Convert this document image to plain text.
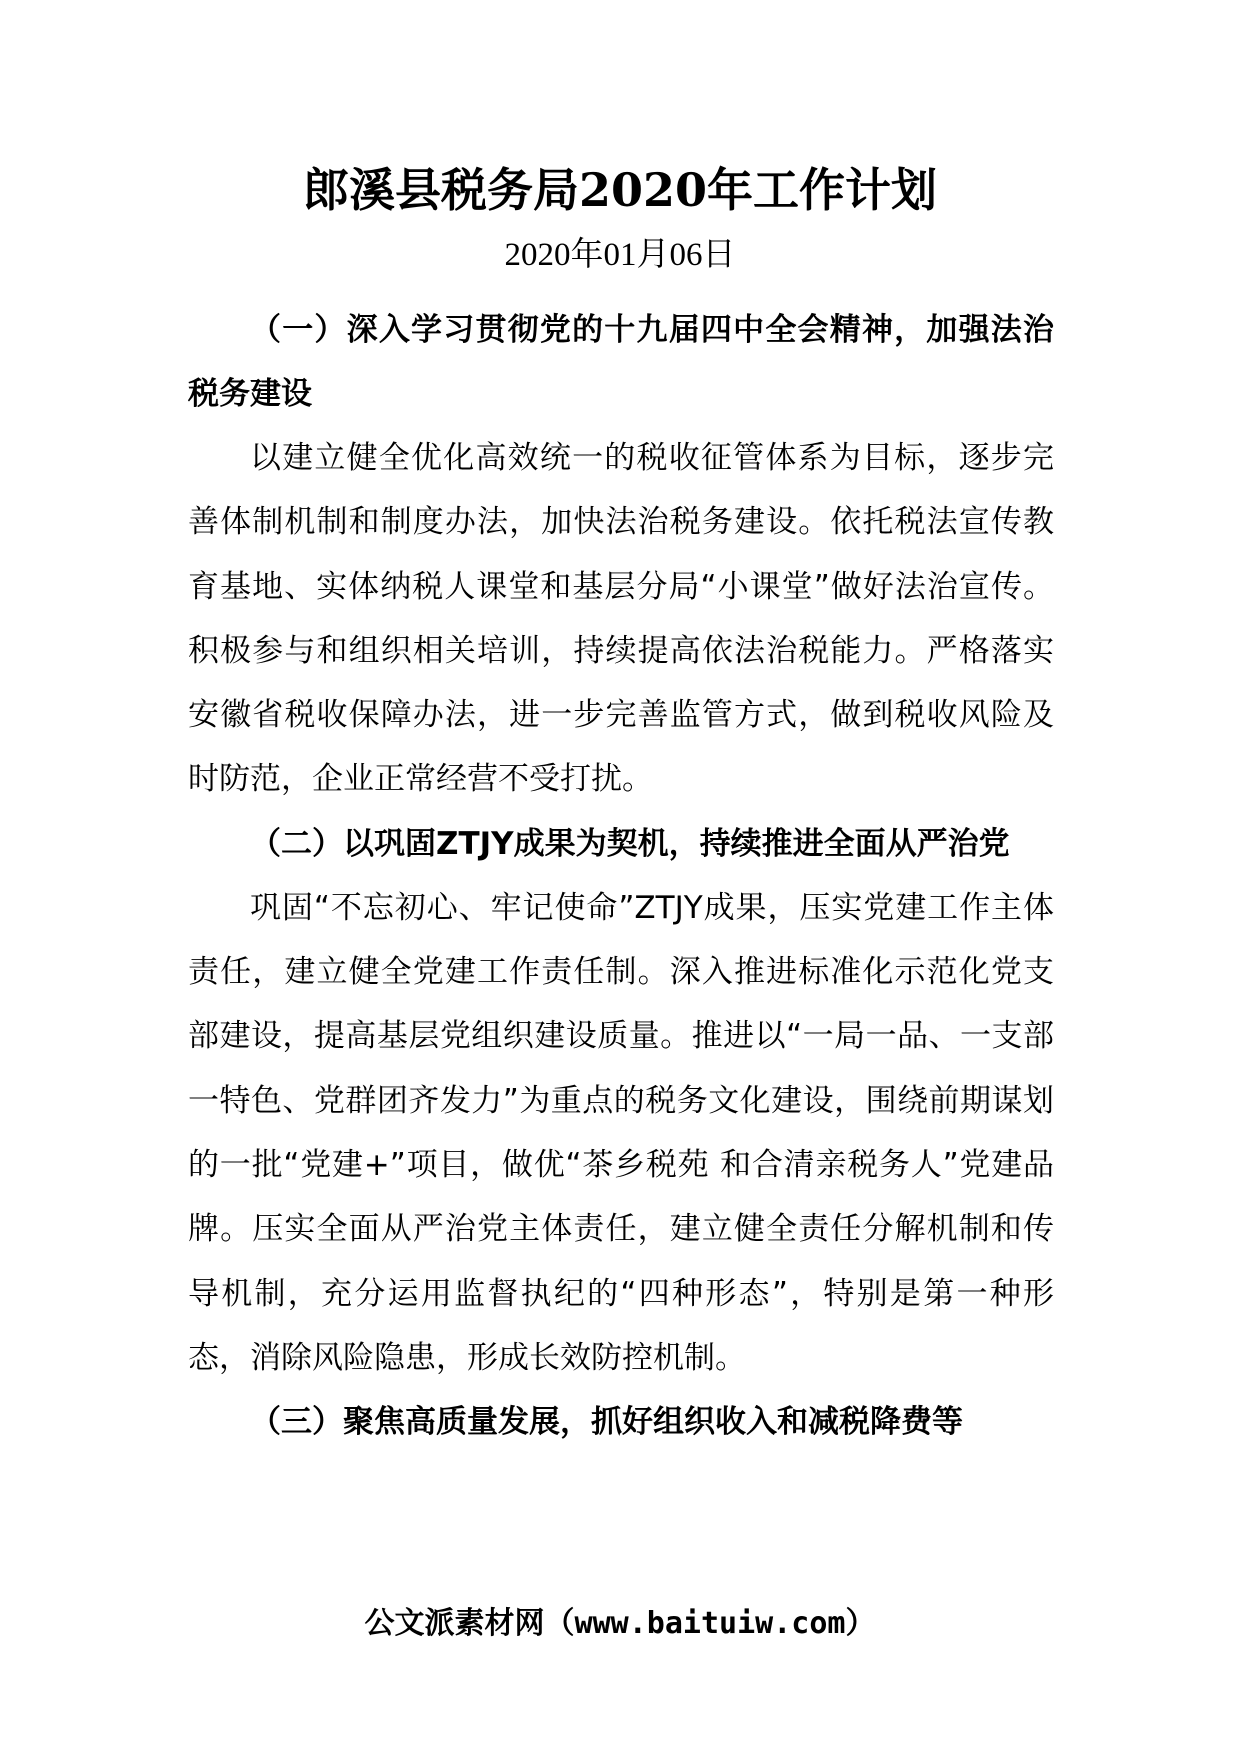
郎溪县税务局2020年工作计划
2020年01月06日

（一）深入学习贯彻党的十九届四中全会精神，加强法治税务建设

以建立健全优化高效统一的税收征管体系为目标，逐步完善体制机制和制度办法，加快法治税务建设。依托税法宣传教育基地、实体纳税人课堂和基层分局“小课堂”做好法治宣传。积极参与和组织相关培训，持续提高依法治税能力。严格落实安徽省税收保障办法，进一步完善监管方式，做到税收风险及时防范，企业正常经营不受打扰。

（二）以巩固ZTJY成果为契机，持续推进全面从严治党

巩固“不忘初心、牢记使命”ZTJY成果，压实党建工作主体责任，建立健全党建工作责任制。深入推进标准化示范化党支部建设，提高基层党组织建设质量。推进以“一局一品、一支部一特色、党群团齐发力”为重点的税务文化建设，围绕前期谋划的一批“党建+”项目，做优“茶乡税苑 和合清亲税务人”党建品牌。压实全面从严治党主体责任，建立健全责任分解机制和传导机制，充分运用监督执纪的“四种形态”，特别是第一种形态，消除风险隐患，形成长效防控机制。

（三）聚焦高质量发展，抓好组织收入和减税降费等

公文派素材网（www.baituiw.com）
